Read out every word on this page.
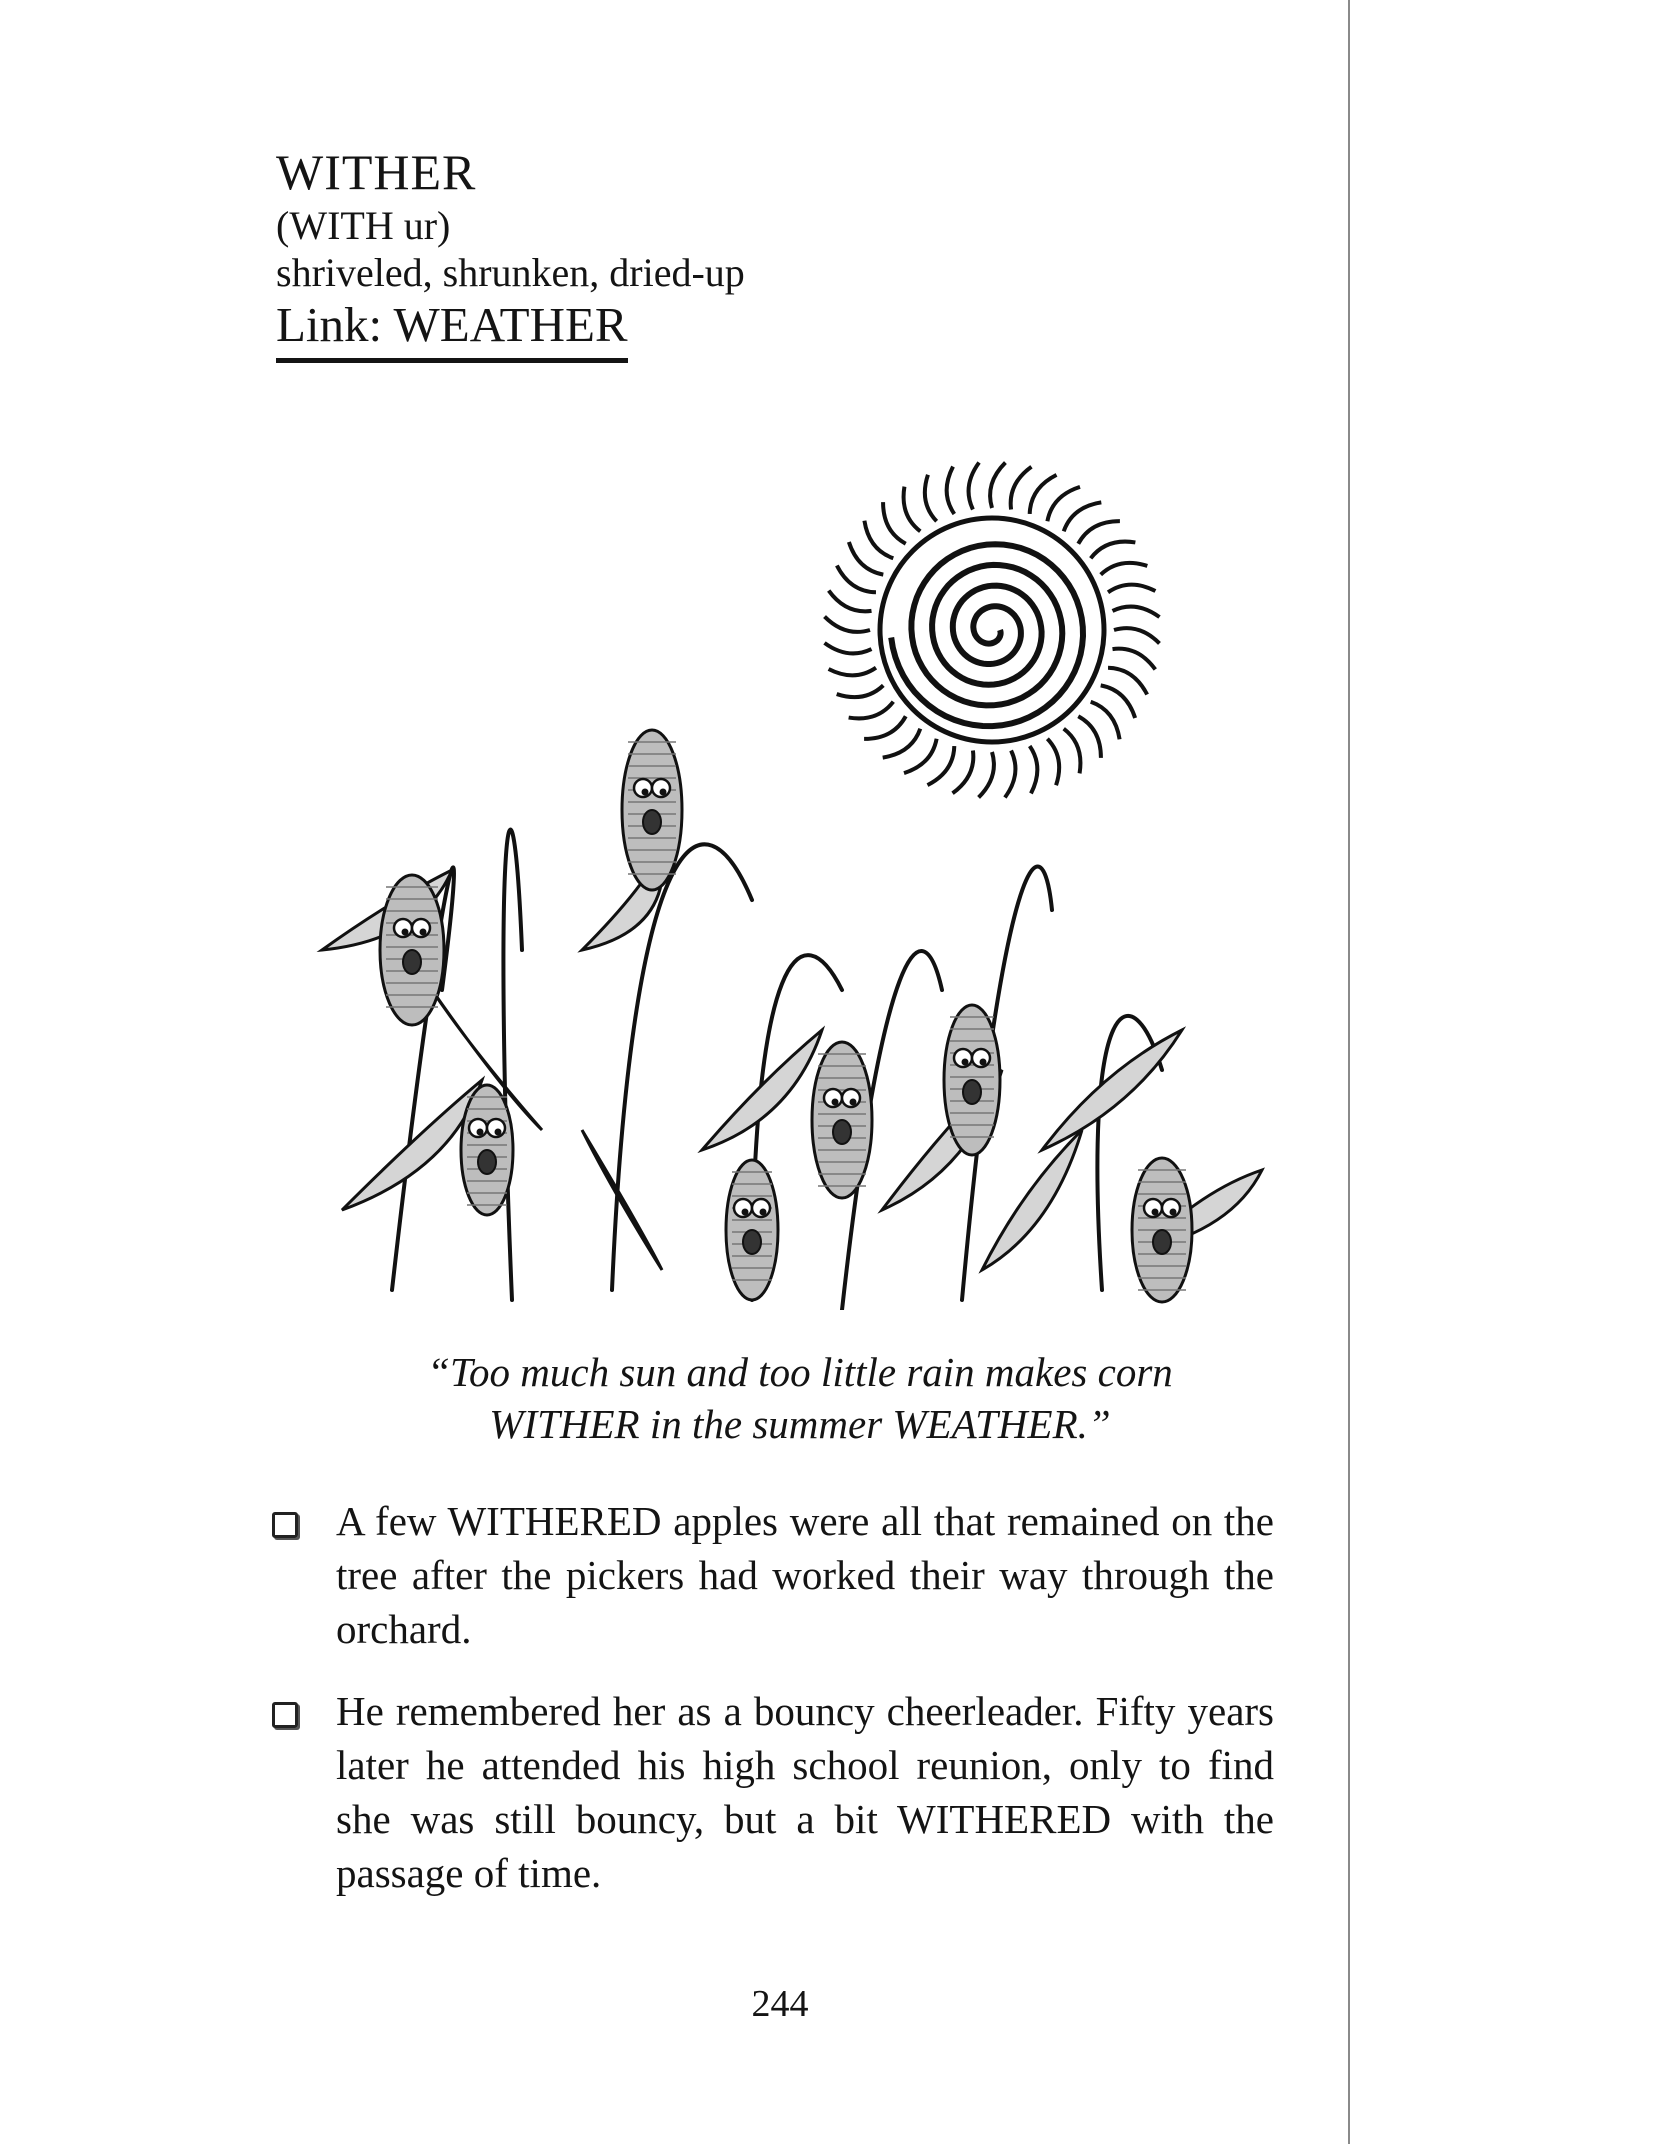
WITHER
(WITH ur)
shriveled, shrunken, dried-up
Link: WEATHER
“Too much sun and too little rain makes corn
WITHER in the summer WEATHER.”
A few WITHERED apples were all that remained on the tree after the pickers had worked their way through the orchard.
He remembered her as a bouncy cheerleader. Fifty years later he attended his high school reunion, only to find she was still bouncy, but a bit WITHERED with the passage of time.
244
